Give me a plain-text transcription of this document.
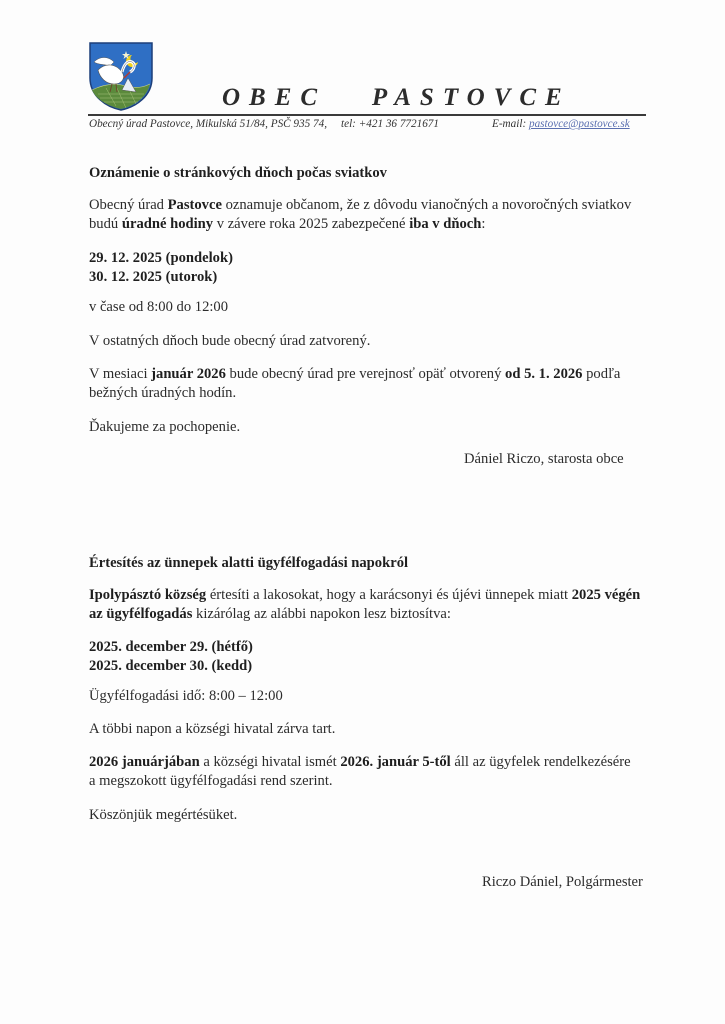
OBEC   PASTOVCE
Obecný úrad Pastovce, Mikulská 51/84, PSČ 935 74, tel: +421 36 7721671	E-mail: pastovce@pastovce.sk
Oznámenie o stránkových dňoch počas sviatkov
Obecný úrad Pastovce oznamuje občanom, že z dôvodu vianočných a novoročných sviatkov
budú úradné hodiny v závere roka 2025 zabezpečené iba v dňoch:
29. 12. 2025 (pondelok)
30. 12. 2025 (utorok)
v čase od 8:00 do 12:00
V ostatných dňoch bude obecný úrad zatvorený.
V mesiaci január 2026 bude obecný úrad pre verejnosť opäť otvorený od 5. 1. 2026 podľa
bežných úradných hodín.
Ďakujeme za pochopenie.
Dániel Riczo, starosta obce
Értesítés az ünnepek alatti ügyfélfogadási napokról
Ipolypásztó község értesíti a lakosokat, hogy a karácsonyi és újévi ünnepek miatt 2025 végén
az ügyfélfogadás kizárólag az alábbi napokon lesz biztosítva:
2025. december 29. (hétfő)
2025. december 30. (kedd)
Ügyfélfogadási idő: 8:00 – 12:00
A többi napon a községi hivatal zárva tart.
2026 januárjában a községi hivatal ismét 2026. január 5-től áll az ügyfelek rendelkezésére
a megszokott ügyfélfogadási rend szerint.
Köszönjük megértésüket.
Riczo Dániel, Polgármester
